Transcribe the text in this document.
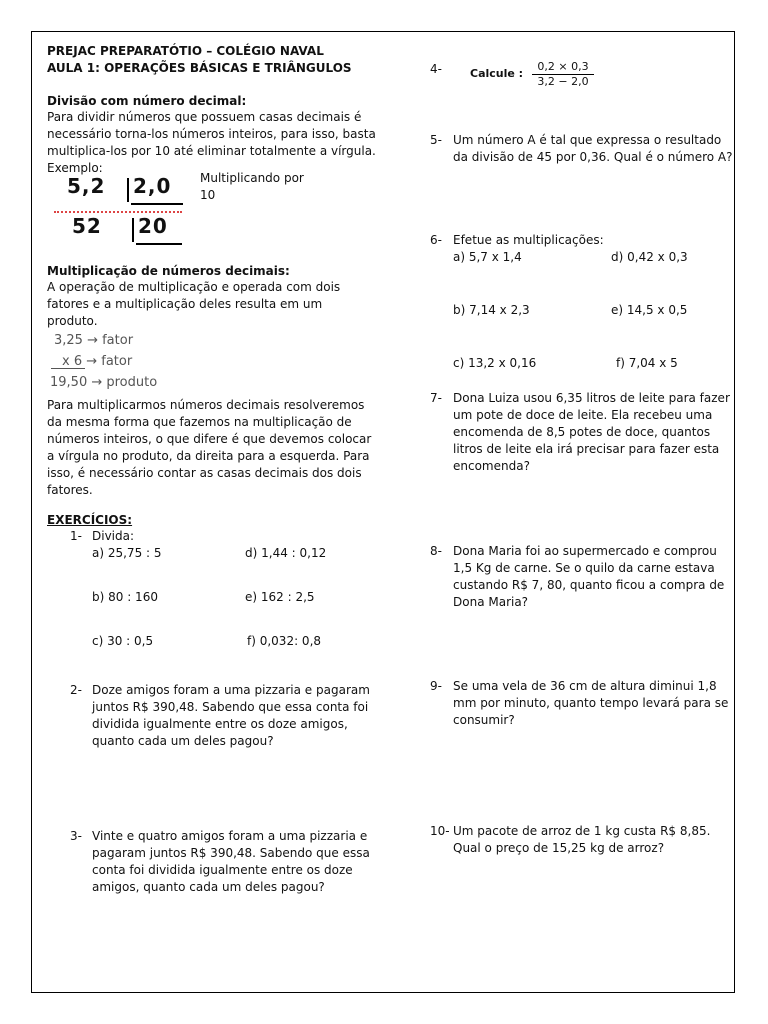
PREJAC PREPARATÓTIO – COLÉGIO NAVAL
AULA 1: OPERAÇÕES BÁSICAS E TRIÂNGULOS
Divisão com número decimal:
Para dividir números que possuem casas decimais é
necessário torna-los números inteiros, para isso, basta
multiplica-los por 10 até eliminar totalmente a vírgula.
Exemplo:
5,2 2,0
52 20
Multiplicando por
10
Multiplicação de números decimais:
A operação de multiplicação e operada com dois
fatores e a multiplicação deles resulta em um
produto.
3,25 → fator
x 6 → fator
19,50 → produto
Para multiplicarmos números decimais resolveremos
da mesma forma que fazemos na multiplicação de
números inteiros, o que difere é que devemos colocar
a vírgula no produto, da direita para a esquerda. Para
isso, é necessário contar as casas decimais dos dois
fatores.
EXERCÍCIOS:
1- Divida:
a) 25,75 : 5	d) 1,44 : 0,12
b) 80 : 160	e) 162 : 2,5
c) 30 : 0,5	f) 0,032: 0,8
2- Doze amigos foram a uma pizzaria e pagaram
juntos R$ 390,48. Sabendo que essa conta foi
dividida igualmente entre os doze amigos,
quanto cada um deles pagou?
3- Vinte e quatro amigos foram a uma pizzaria e
pagaram juntos R$ 390,48. Sabendo que essa
conta foi dividida igualmente entre os doze
amigos, quanto cada um deles pagou?
4-	Calcule : $\frac{0,2 \times 0,3}{3,2 - 2,0}$
5- Um número A é tal que expressa o resultado
da divisão de 45 por 0,36. Qual é o número A?
6- Efetue as multiplicações:
a) 5,7 x 1,4	d) 0,42 x 0,3
b) 7,14 x 2,3	e) 14,5 x 0,5
c) 13,2 x 0,16	f) 7,04 x 5
7- Dona Luiza usou 6,35 litros de leite para fazer
um pote de doce de leite. Ela recebeu uma
encomenda de 8,5 potes de doce, quantos
litros de leite ela irá precisar para fazer esta
encomenda?
8- Dona Maria foi ao supermercado e comprou
1,5 Kg de carne. Se o quilo da carne estava
custando R$ 7, 80, quanto ficou a compra de
Dona Maria?
9- Se uma vela de 36 cm de altura diminui 1,8
mm por minuto, quanto tempo levará para se
consumir?
10- Um pacote de arroz de 1 kg custa R$ 8,85.
Qual o preço de 15,25 kg de arroz?
